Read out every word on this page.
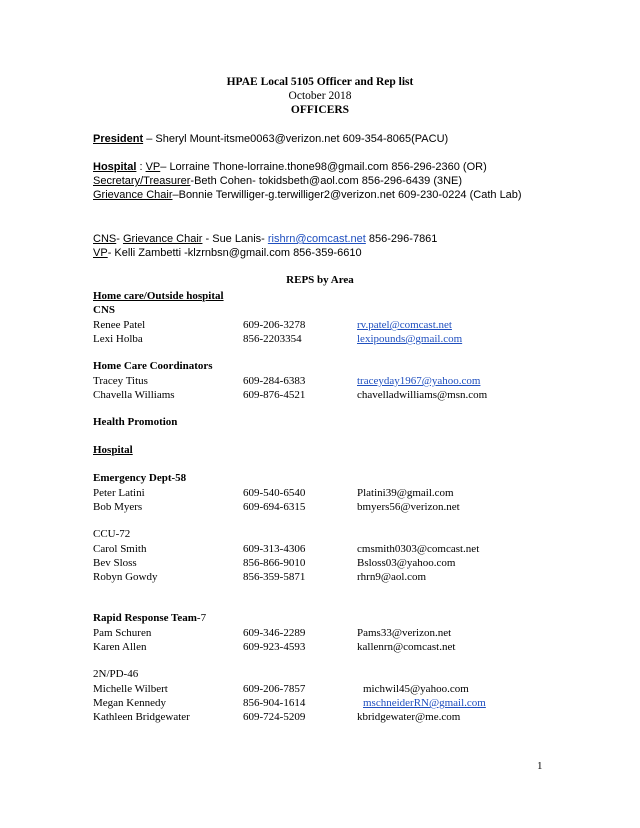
HPAE Local 5105 Officer and Rep list
October 2018
OFFICERS
President – Sheryl Mount-itsme0063@verizon.net 609-354-8065(PACU)
Hospital : VP– Lorraine Thone-lorraine.thone98@gmail.com 856-296-2360 (OR)
Secretary/Treasurer-Beth Cohen- tokidsbeth@aol.com 856-296-6439 (3NE)
Grievance Chair–Bonnie Terwilliger-g.terwilliger2@verizon.net 609-230-0224 (Cath Lab)
CNS- Grievance Chair - Sue Lanis- rishrn@comcast.net 856-296-7861
VP- Kelli Zambetti -klzrnbsn@gmail.com 856-359-6610
REPS by Area
Home care/Outside hospital
CNS
Renee Patel	609-206-3278	rv.patel@comcast.net
Lexi Holba	856-2203354	lexipounds@gmail.com
Home Care Coordinators
Tracey Titus	609-284-6383	traceyday1967@yahoo.com
Chavella Williams	609-876-4521	chavelladwilliams@msn.com
Health Promotion
Hospital
Emergency Dept-58
Peter Latini	609-540-6540	Platini39@gmail.com
Bob Myers	609-694-6315	bmyers56@verizon.net
CCU-72
Carol Smith	609-313-4306	cmsmith0303@comcast.net
Bev Sloss	856-866-9010	Bsloss03@yahoo.com
Robyn Gowdy	856-359-5871	rhrn9@aol.com
Rapid Response Team-7
Pam Schuren	609-346-2289	Pams33@verizon.net
Karen Allen	609-923-4593	kallenrn@comcast.net
2N/PD-46
Michelle Wilbert	609-206-7857	michwil45@yahoo.com
Megan Kennedy	856-904-1614	mschneiderRN@gmail.com
Kathleen Bridgewater	609-724-5209	kbridgewater@me.com
1
